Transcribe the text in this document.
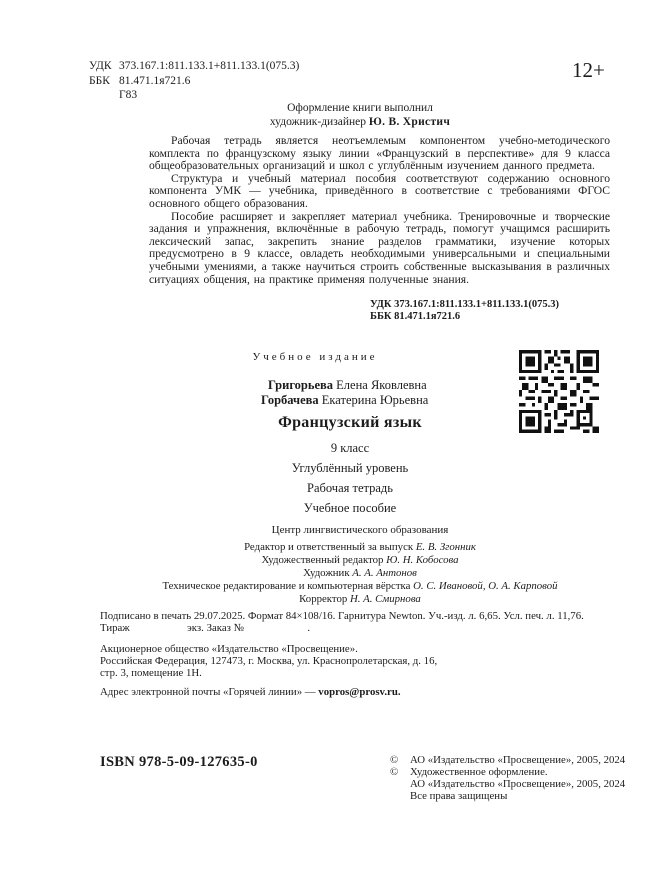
УДК 373.167.1:811.133.1+811.133.1(075.3)
ББК 81.471.1я721.6
Г83
12+
Оформление книги выполнил
художник-дизайнер Ю. В. Христич

Рабочая тетрадь является неотъемлемым компонентом учебно-методического комплекта по французскому языку линии «Французский в перспективе» для 9 класса общеобразовательных организаций и школ с углублённым изучением данного предмета.

Структура и учебный материал пособия соответствуют содержанию основного компонента УМК — учебника, приведённого в соответствие с требованиями ФГОС основного общего образования.

Пособие расширяет и закрепляет материал учебника. Тренировочные и творческие задания и упражнения, включённые в рабочую тетрадь, помогут учащимся расширить лексический запас, закрепить знание разделов грамматики, изучение которых предусмотрено в 9 классе, овладеть необходимыми универсальными и специальными учебными умениями, а также научиться строить собственные высказывания в различных ситуациях общения, на практике применяя полученные знания.

УДК 373.167.1:811.133.1+811.133.1(075.3)
ББК 81.471.1я721.6
Учебное издание
Григорьева Елена Яковлевна
Горбачева Екатерина Юрьевна
Французский язык
9 класс
Углублённый уровень
Рабочая тетрадь
Учебное пособие
Центр лингвистического образования
Редактор и ответственный за выпуск Е. В. Згонник
Художественный редактор Ю. Н. Кобосова
Художник А. А. Антонов
Техническое редактирование и компьютерная вёрстка О. С. Ивановой, О. А. Карповой
Корректор Н. А. Смирнова
Подписано в печать 29.07.2025. Формат 84×108/16. Гарнитура Newton. Уч.-изд. л. 6,65. Усл. печ. л. 11,76.
Тираж	экз. Заказ №	.
Акционерное общество «Издательство «Просвещение».
Российская Федерация, 127473, г. Москва, ул. Краснопролетарская, д. 16,
стр. 3, помещение 1Н.
Адрес электронной почты «Горячей линии» — vopros@prosv.ru.
ISBN 978-5-09-127635-0	©	АО «Издательство «Просвещение», 2005, 2024
©	Художественное оформление.
АО «Издательство «Просвещение», 2005, 2024
Все права защищены
